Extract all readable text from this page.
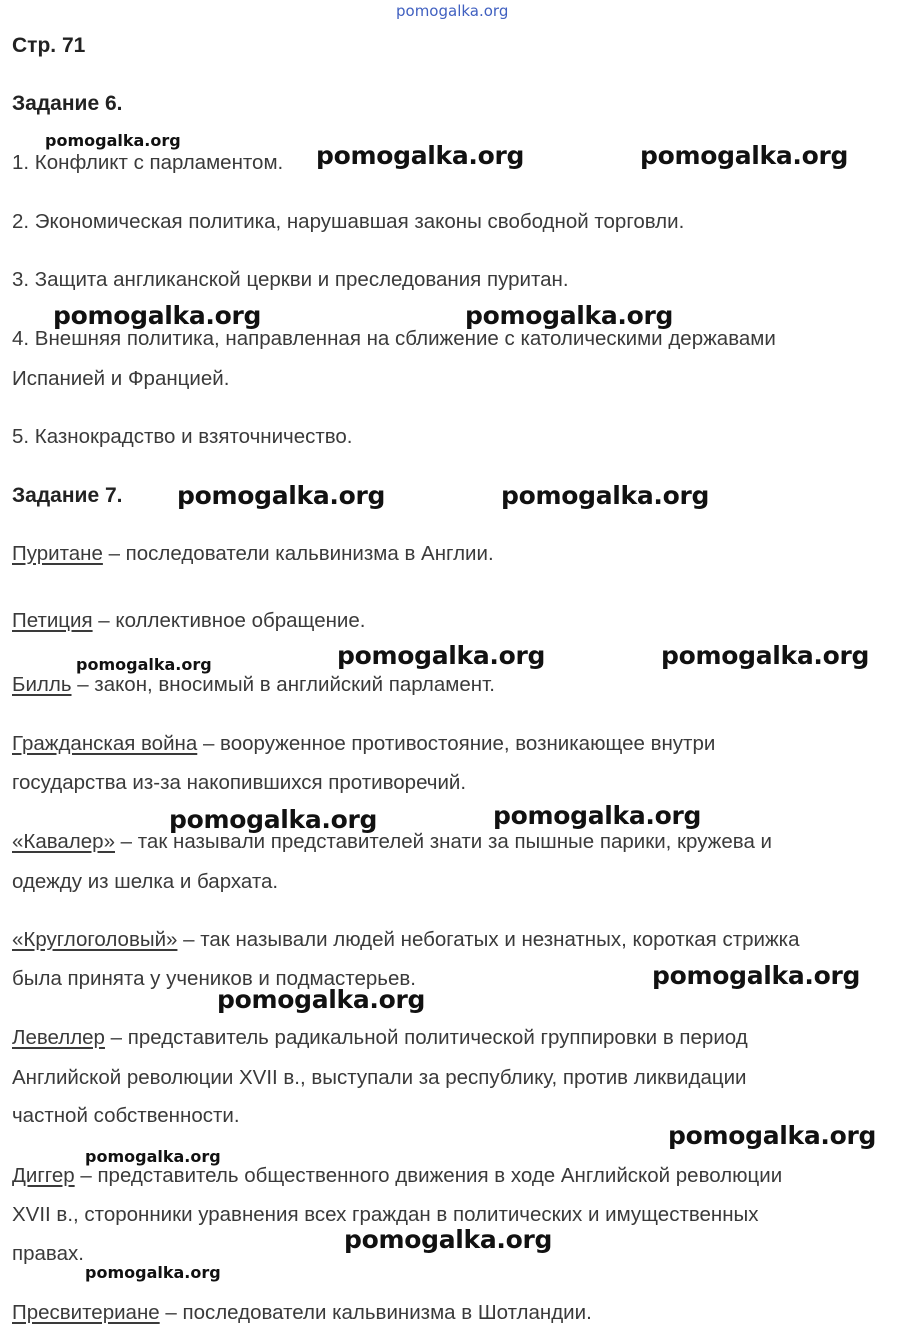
pomogalka.org
Стр. 71
Задание 6.
1. Конфликт с парламентом.
2. Экономическая политика, нарушавшая законы свободной торговли.
3. Защита англиканской церкви и преследования пуритан.
4. Внешняя политика, направленная на сближение с католическими державами
Испанией и Францией.
5. Казнокрадство и взяточничество.
Задание 7.
Пуритане – последователи кальвинизма в Англии.
Петиция – коллективное обращение.
Билль – закон, вносимый в английский парламент.
Гражданская война – вооруженное противостояние, возникающее внутри
государства из-за накопившихся противоречий.
«Кавалер» – так называли представителей знати за пышные парики, кружева и
одежду из шелка и бархата.
«Круглоголовый» – так называли людей небогатых и незнатных, короткая стрижка
была принята у учеников и подмастерьев.
Левеллер – представитель радикальной политической группировки в период
Английской революции XVII в., выступали за республику, против ликвидации
частной собственности.
Диггер – представитель общественного движения в ходе Английской революции
XVII в., сторонники уравнения всех граждан в политических и имущественных
правах.
Пресвитериане – последователи кальвинизма в Шотландии.
pomogalka.org
pomogalka.org	pomogalka.org
pomogalka.org	pomogalka.org
pomogalka.org	pomogalka.org
pomogalka.org	pomogalka.org	pomogalka.org
pomogalka.org	pomogalka.org
pomogalka.org
pomogalka.org
pomogalka.org
pomogalka.org
pomogalka.org
pomogalka.org
